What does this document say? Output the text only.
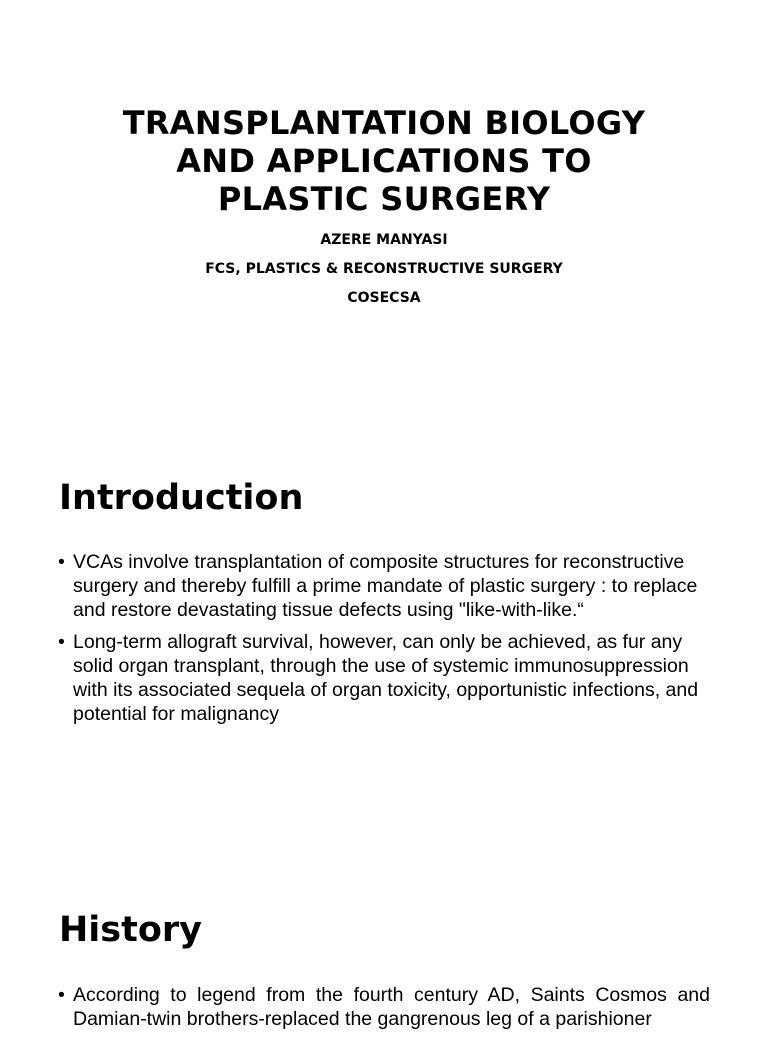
TRANSPLANTATION BIOLOGY
AND APPLICATIONS TO
PLASTIC SURGERY
AZERE MANYASI
FCS, PLASTICS & RECONSTRUCTIVE SURGERY
COSECSA
Introduction
• VCAs involve transplantation of composite structures for reconstructive surgery and thereby fulfill a prime mandate of plastic surgery : to replace and restore devastating tissue defects using "like-with-like.“
• Long-term allograft survival, however, can only be achieved, as fur any solid organ transplant, through the use of systemic immunosuppression with its associated sequela of organ toxicity, opportunistic infections, and potential for malignancy
History
• According to legend from the fourth century AD, Saints Cosmos and Damian-twin brothers-replaced the gangrenous leg of a parishioner
